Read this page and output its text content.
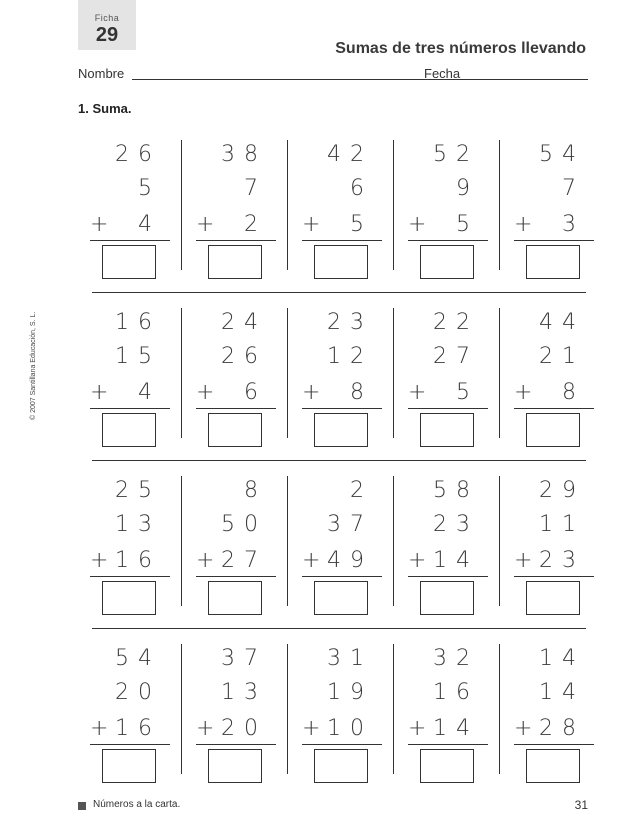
Ficha
29
Sumas de tres números llevando
Nombre	Fecha
1. Suma.
© 2007 Santillana Educación, S. L.
26
5
4
+
38
7
2
+
42
6
5
+
52
9
5
+
54
7
3
+
16
15
4
+
24
26
6
+
23
12
8
+
22
27
5
+
44
21
8
+
25
13
16
+
8
50
27
+
2
37
49
+
58
23
14
+
29
11
23
+
54
20
16
+
37
13
20
+
31
19
10
+
32
16
14
+
14
14
28
+
Números a la carta.	31
